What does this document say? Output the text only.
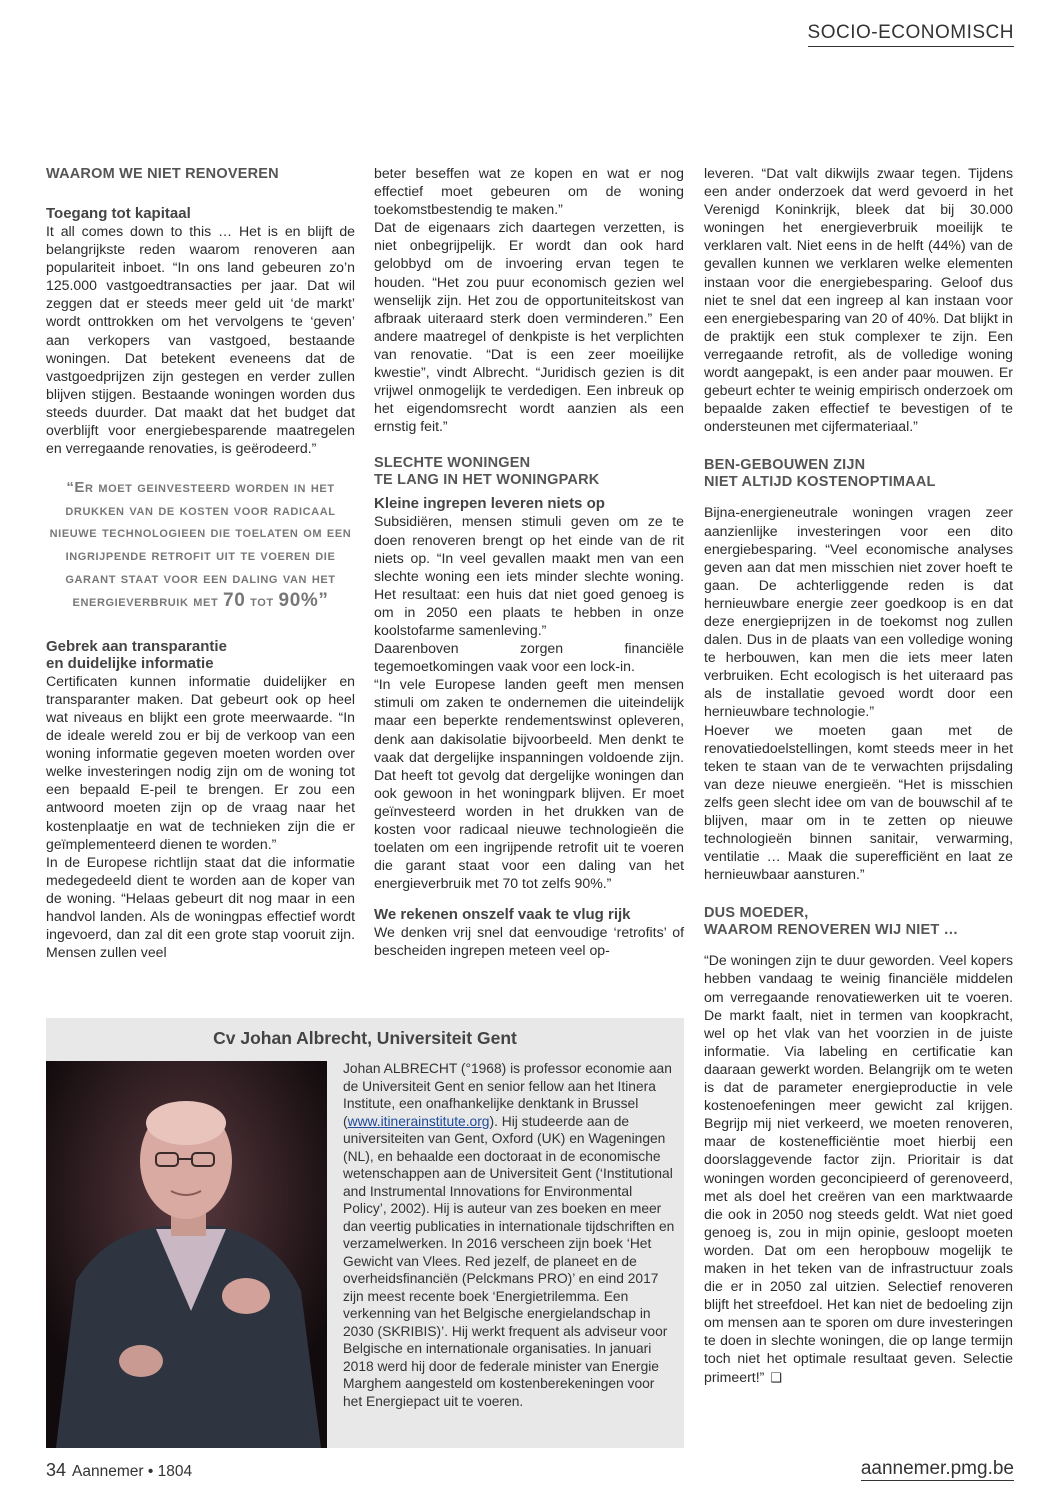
SOCIO-ECONOMISCH
WAAROM WE NIET RENOVEREN
Toegang tot kapitaal

It all comes down to this … Het is en blijft de belangrijkste reden waarom renoveren aan populariteit inboet. “In ons land gebeuren zo’n 125.000 vastgoedtransacties per jaar. Dat wil zeggen dat er steeds meer geld uit ‘de markt’ wordt onttrokken om het vervolgens te ‘geven’ aan verkopers van vastgoed, bestaande woningen. Dat betekent eveneens dat de vastgoedprijzen zijn gestegen en verder zullen blijven stijgen. Bestaande woningen worden dus steeds duurder. Dat maakt dat het budget dat overblijft voor energiebesparende maatregelen en verregaande renovaties, is geërodeerd.”

“Er moet geinvesteerd worden in het drukken van de kosten voor radicaal nieuwe technologieen die toelaten om een ingrijpende retrofit uit te voeren die garant staat voor een daling van het energieverbruik met 70 tot 90%”
Gebrek aan transparantie
en duidelijke informatie

Certificaten kunnen informatie duidelijker en transparanter maken. Dat gebeurt ook op heel wat niveaus en blijkt een grote meerwaarde. “In de ideale wereld zou er bij de verkoop van een woning informatie gegeven moeten worden over welke investeringen nodig zijn om de woning tot een bepaald E-peil te brengen. Er zou een antwoord moeten zijn op de vraag naar het kostenplaatje en wat de technieken zijn die er geïmplementeerd dienen te worden.”

In de Europese richtlijn staat dat die informatie medegedeeld dient te worden aan de koper van de woning. “Helaas gebeurt dit nog maar in een handvol landen. Als de woningpas effectief wordt ingevoerd, dan zal dit een grote stap vooruit zijn. Mensen zullen veel

beter beseffen wat ze kopen en wat er nog effectief moet gebeuren om de woning toekomstbestendig te maken.”

Dat de eigenaars zich daartegen verzetten, is niet onbegrijpelijk. Er wordt dan ook hard gelobbyd om de invoering ervan tegen te houden. “Het zou puur economisch gezien wel wenselijk zijn. Het zou de opportuniteitskost van afbraak uiteraard sterk doen verminderen.” Een andere maatregel of denkpiste is het verplichten van renovatie. “Dat is een zeer moeilijke kwestie”, vindt Albrecht. “Juridisch gezien is dit vrijwel onmogelijk te verdedigen. Een inbreuk op het eigendomsrecht wordt aanzien als een ernstig feit.”

SLECHTE WONINGEN
TE LANG IN HET WONINGPARK
Kleine ingrepen leveren niets op

Subsidiëren, mensen stimuli geven om ze te doen renoveren brengt op het einde van de rit niets op. “In veel gevallen maakt men van een slechte woning een iets minder slechte woning. Het resultaat: een huis dat niet goed genoeg is om in 2050 een plaats te hebben in onze koolstofarme samenleving.”

Daarenboven zorgen financiële tegemoetkomingen vaak voor een lock-in.

“In vele Europese landen geeft men mensen stimuli om zaken te ondernemen die uiteindelijk maar een beperkte rendementswinst opleveren, denk aan dakisolatie bijvoorbeeld. Men denkt te vaak dat dergelijke inspanningen voldoende zijn. Dat heeft tot gevolg dat dergelijke woningen dan ook gewoon in het woningpark blijven. Er moet geïnvesteerd worden in het drukken van de kosten voor radicaal nieuwe technologieën die toelaten om een ingrijpende retrofit uit te voeren die garant staat voor een daling van het energieverbruik met 70 tot zelfs 90%.”

We rekenen onszelf vaak te vlug rijk

We denken vrij snel dat eenvoudige ‘retrofits’ of bescheiden ingrepen meteen veel op-

leveren. “Dat valt dikwijls zwaar tegen. Tijdens een ander onderzoek dat werd gevoerd in het Verenigd Koninkrijk, bleek dat bij 30.000 woningen het energieverbruik moeilijk te verklaren valt. Niet eens in de helft (44%) van de gevallen kunnen we verklaren welke elementen instaan voor die energiebesparing. Geloof dus niet te snel dat een ingreep al kan instaan voor een energiebesparing van 20 of 40%. Dat blijkt in de praktijk een stuk complexer te zijn. Een verregaande retrofit, als de volledige woning wordt aangepakt, is een ander paar mouwen. Er gebeurt echter te weinig empirisch onderzoek om bepaalde zaken effectief te bevestigen of te ondersteunen met cijfermateriaal.”

BEN-GEBOUWEN ZIJN
NIET ALTIJD KOSTENOPTIMAAL

Bijna-energieneutrale woningen vragen zeer aanzienlijke investeringen voor een dito energiebesparing. “Veel economische analyses geven aan dat men misschien niet zover hoeft te gaan. De achterliggende reden is dat hernieuwbare energie zeer goedkoop is en dat deze energieprijzen in de toekomst nog zullen dalen. Dus in de plaats van een volledige woning te herbouwen, kan men die iets meer laten verbruiken. Echt ecologisch is het uiteraard pas als de installatie gevoed wordt door een hernieuwbare technologie.”

Hoever we moeten gaan met de renovatiedoelstellingen, komt steeds meer in het teken te staan van de te verwachten prijsdaling van deze nieuwe energieën. “Het is misschien zelfs geen slecht idee om van de bouwschil af te blijven, maar om in te zetten op nieuwe technologieën binnen sanitair, verwarming, ventilatie … Maak die superefficiënt en laat ze hernieuwbaar aansturen.”

DUS MOEDER,
WAAROM RENOVEREN WIJ NIET …

“De woningen zijn te duur geworden. Veel kopers hebben vandaag te weinig financiële middelen om verregaande renovatiewerken uit te voeren. De markt faalt, niet in termen van koopkracht, wel op het vlak van het voorzien in de juiste informatie. Via labeling en certificatie kan daaraan gewerkt worden. Belangrijk om te weten is dat de parameter energieproductie in vele kostenoefeningen meer gewicht zal krijgen. Begrijp mij niet verkeerd, we moeten renoveren, maar de kostenefficiëntie moet hierbij een doorslaggevende factor zijn. Prioritair is dat woningen worden geconcipieerd of gerenoveerd, met als doel het creëren van een marktwaarde die ook in 2050 nog steeds geldt. Wat niet goed genoeg is, zou in mijn opinie, gesloopt moeten worden. Dat om een heropbouw mogelijk te maken in het teken van de infrastructuur zoals die er in 2050 zal uitzien. Selectief renoveren blijft het streefdoel. Het kan niet de bedoeling zijn om mensen aan te sporen om dure investeringen te doen in slechte woningen, die op lange termijn toch niet het optimale resultaat geven. Selectie primeert!” ❑

Cv Johan Albrecht, Universiteit Gent
Johan ALBRECHT (°1968) is professor economie aan de Universiteit Gent en senior fellow aan het Itinera Institute, een onafhankelijke denktank in Brussel (www.itinerainstitute.org). Hij studeerde aan de universiteiten van Gent, Oxford (UK) en Wageningen (NL), en behaalde een doctoraat in de economische wetenschappen aan de Universiteit Gent (‘Institutional and Instrumental Innovations for Environmental Policy’, 2002). Hij is auteur van zes boeken en meer dan veertig publicaties in internationale tijdschriften en verzamelwerken. In 2016 verscheen zijn boek ‘Het Gewicht van Vlees. Red jezelf, de planeet en de overheidsfinanciën (Pelckmans PRO)’ en eind 2017 zijn meest recente boek ‘Energietrilemma. Een verkenning van het Belgische energielandschap in 2030 (SKRIBIS)’. Hij werkt frequent als adviseur voor Belgische en internationale organisaties. In januari 2018 werd hij door de federale minister van Energie Marghem aangesteld om kostenberekeningen voor het Energiepact uit te voeren.
34 Aannemer • 1804	aannemer.pmg.be
